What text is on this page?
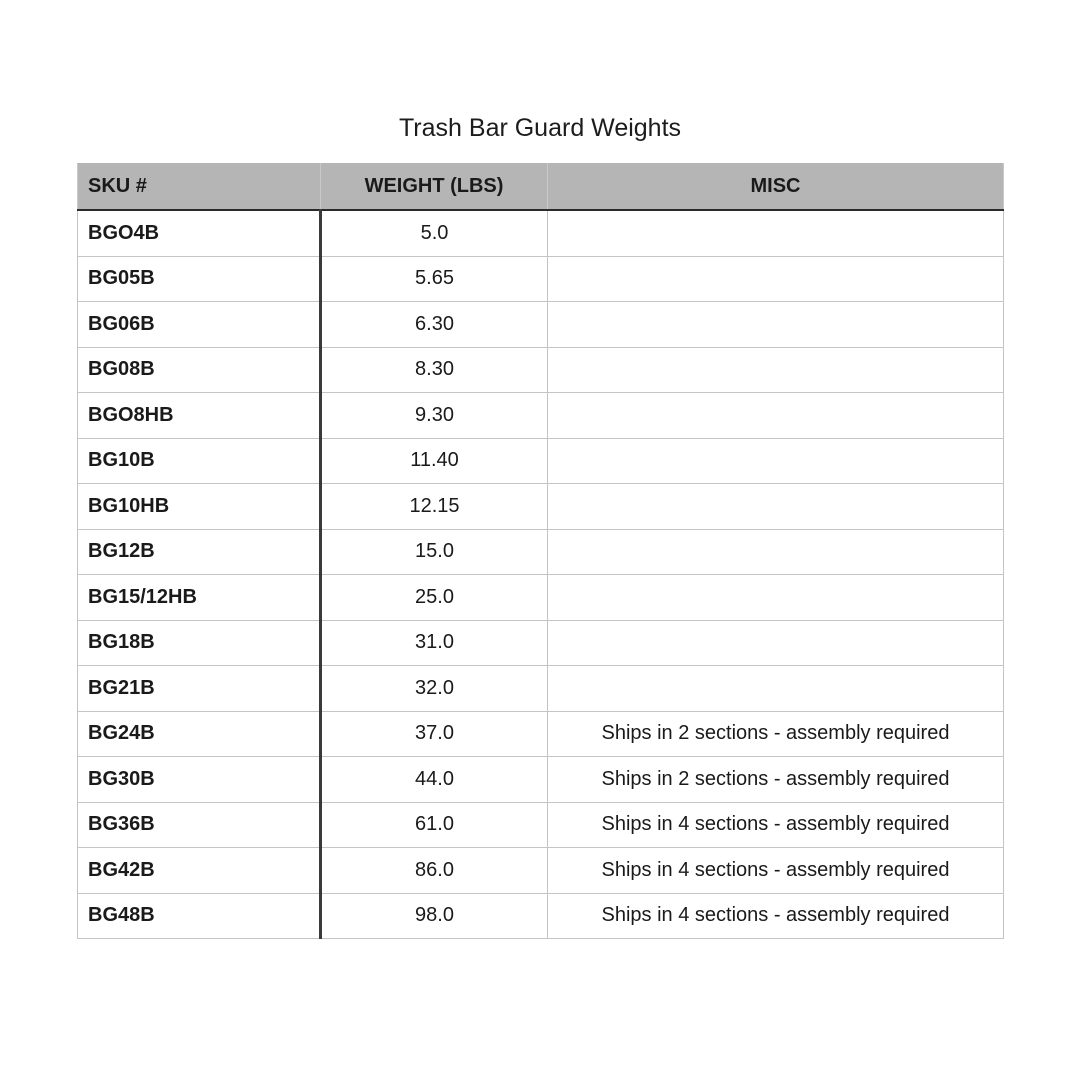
Trash Bar Guard Weights
SKU #	WEIGHT (LBS)	MISC
BGO4B	5.0	
BG05B	5.65	
BG06B	6.30	
BG08B	8.30	
BGO8HB	9.30	
BG10B	11.40	
BG10HB	12.15	
BG12B	15.0	
BG15/12HB	25.0	
BG18B	31.0	
BG21B	32.0	
BG24B	37.0	Ships in 2 sections - assembly required
BG30B	44.0	Ships in 2 sections - assembly required
BG36B	61.0	Ships in 4 sections - assembly required
BG42B	86.0	Ships in 4 sections - assembly required
BG48B	98.0	Ships in 4 sections - assembly required
